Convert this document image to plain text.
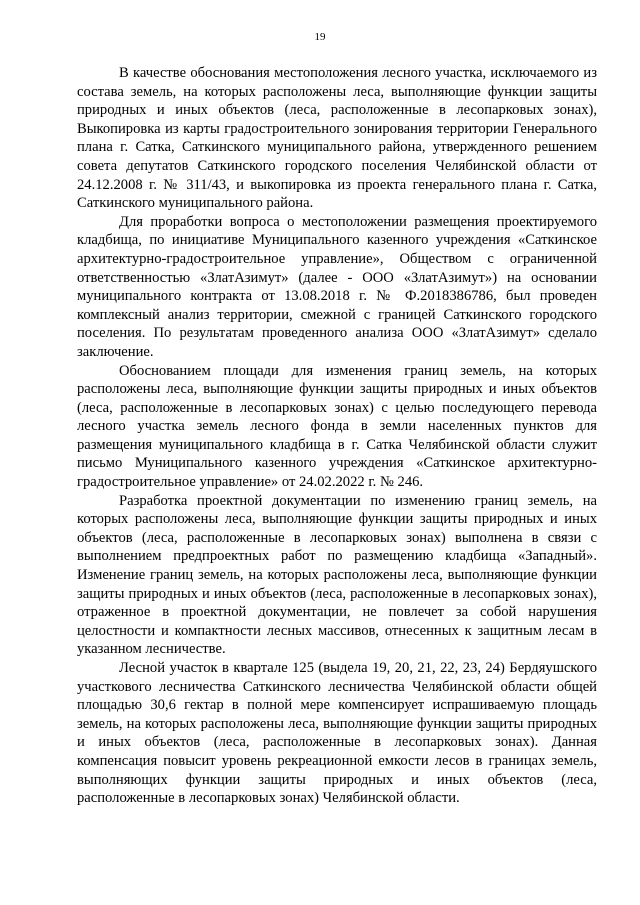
19

В качестве обоснования местоположения лесного участка, исключаемого из состава земель, на которых расположены леса, выполняющие функции защиты природных и иных объектов (леса, расположенные в лесопарковых зонах), Выкопировка из карты градостроительного зонирования территории Генерального плана г. Сатка, Саткинского муниципального района, утвержденного решением совета депутатов Саткинского городского поселения Челябинской области от 24.12.2008 г. № 311/43, и выкопировка из проекта генерального плана г. Сатка, Саткинского муниципального района.

Для проработки вопроса о местоположении размещения проектируемого кладбища, по инициативе Муниципального казенного учреждения «Саткинское архитектурно-градостроительное управление», Обществом с ограниченной ответственностью «ЗлатАзимут» (далее - ООО «ЗлатАзимут») на основании муниципального контракта от 13.08.2018 г. № Ф.2018386786, был проведен комплексный анализ территории, смежной с границей Саткинского городского поселения. По результатам проведенного анализа ООО «ЗлатАзимут» сделало заключение.

Обоснованием площади для изменения границ земель, на которых расположены леса, выполняющие функции защиты природных и иных объектов (леса, расположенные в лесопарковых зонах) с целью последующего перевода лесного участка земель лесного фонда в земли населенных пунктов для размещения муниципального кладбища в г. Сатка Челябинской области служит письмо Муниципального казенного учреждения «Саткинское архитектурно-градостроительное управление» от 24.02.2022 г. № 246.

Разработка проектной документации по изменению границ земель, на которых расположены леса, выполняющие функции защиты природных и иных объектов (леса, расположенные в лесопарковых зонах) выполнена в связи с выполнением предпроектных работ по размещению кладбища «Западный». Изменение границ земель, на которых расположены леса, выполняющие функции защиты природных и иных объектов (леса, расположенные в лесопарковых зонах), отраженное в проектной документации, не повлечет за собой нарушения целостности и компактности лесных массивов, отнесенных к защитным лесам в указанном лесничестве.

Лесной участок в квартале 125 (выдела 19, 20, 21, 22, 23, 24) Бердяушского участкового лесничества Саткинского лесничества Челябинской области общей площадью 30,6 гектар в полной мере компенсирует испрашиваемую площадь земель, на которых расположены леса, выполняющие функции защиты природных и иных объектов (леса, расположенные в лесопарковых зонах). Данная компенсация повысит уровень рекреационной емкости лесов в границах земель, выполняющих функции защиты природных и иных объектов (леса, расположенные в лесопарковых зонах) Челябинской области.
